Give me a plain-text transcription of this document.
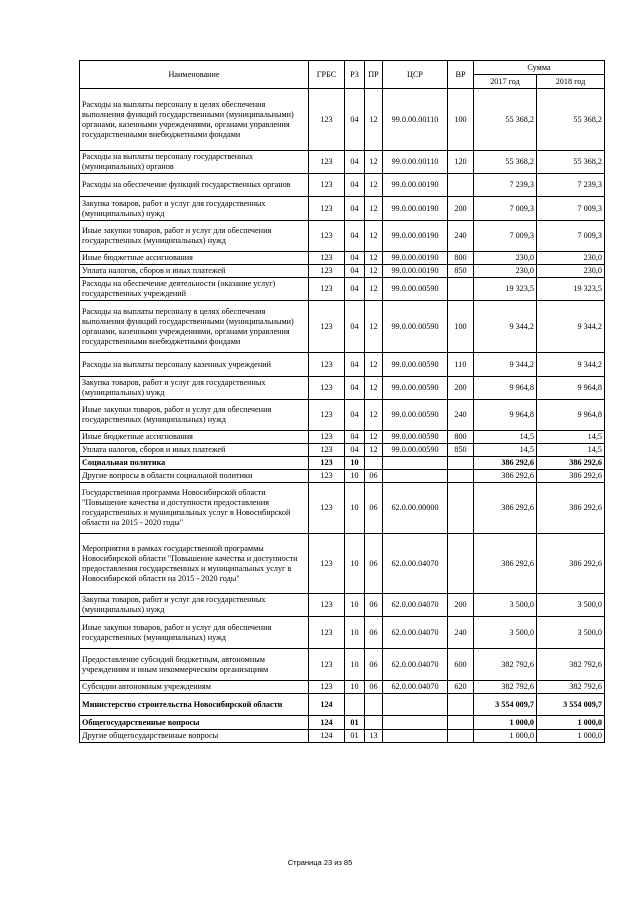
Наименование	ГРБС	РЗ	ПР	ЦСР	ВР	Сумма	
						2017 год	2018 год
Расходы на выплаты персоналу в целях обеспечения выполнения функций государственными (муниципальными) органами, казенными учреждениями, органами управления государственными внебюджетными фондами	123	04	12	99.0.00.00110	100	55 368,2	55 368,2
Расходы на выплаты персоналу государственных (муниципальных) органов	123	04	12	99.0.00.00110	120	55 368,2	55 368,2
Расходы на обеспечение функций государственных органов	123	04	12	99.0.00.00190		7 239,3	7 239,3
Закупка товаров, работ и услуг для государственных (муниципальных) нужд	123	04	12	99.0.00.00190	200	7 009,3	7 009,3
Иные закупки товаров, работ и услуг для обеспечения государственных (муниципальных) нужд	123	04	12	99.0.00.00190	240	7 009,3	7 009,3
Иные бюджетные ассигнования	123	04	12	99.0.00.00190	800	230,0	230,0
Уплата налогов, сборов и иных платежей	123	04	12	99.0.00.00190	850	230,0	230,0
Расходы на обеспечение деятельности (оказание услуг) государственных учреждений	123	04	12	99.0.00.00590		19 323,5	19 323,5
Расходы на выплаты персоналу в целях обеспечения выполнения функций государственными (муниципальными) органами, казенными учреждениями, органами управления государственными внебюджетными фондами	123	04	12	99.0.00.00590	100	9 344,2	9 344,2
Расходы на выплаты персоналу казенных учреждений	123	04	12	99.0.00.00590	110	9 344,2	9 344,2
Закупка товаров, работ и услуг для государственных (муниципальных) нужд	123	04	12	99.0.00.00590	200	9 964,8	9 964,8
Иные закупки товаров, работ и услуг для обеспечения государственных (муниципальных) нужд	123	04	12	99.0.00.00590	240	9 964,8	9 964,8
Иные бюджетные ассигнования	123	04	12	99.0.00.00590	800	14,5	14,5
Уплата налогов, сборов и иных платежей	123	04	12	99.0.00.00590	850	14,5	14,5
Социальная политика	123	10				386 292,6	386 292,6
Другие вопросы в области социальной политики	123	10	06			386 292,6	386 292,6
Государственная программа Новосибирской области "Повышение качества и доступности предоставления государственных и муниципальных услуг в Новосибирской области на 2015 - 2020 годы"	123	10	06	62.0.00.00000		386 292,6	386 292,6
Мероприятия в рамках государственной программы Новосибирской области "Повышение качества и доступности предоставления государственных и муниципальных услуг в Новосибирской области на 2015 - 2020 годы"	123	10	06	62.0.00.04070		386 292,6	386 292,6
Закупка товаров, работ и услуг для государственных (муниципальных) нужд	123	10	06	62.0.00.04070	200	3 500,0	3 500,0
Иные закупки товаров, работ и услуг для обеспечения государственных (муниципальных) нужд	123	10	06	62.0.00.04070	240	3 500,0	3 500,0
Предоставление субсидий бюджетным, автономным учреждениям и иным некоммерческим организациям	123	10	06	62.0.00.04070	600	382 792,6	382 792,6
Субсидии автономным учреждениям	123	10	06	62.0.00.04070	620	382 792,6	382 792,6
Министерство строительства Новосибирской области	124					3 554 009,7	3 554 009,7
Общегосударственные вопросы	124	01				1 000,0	1 000,0
Другие общегосударственные вопросы	124	01	13			1 000,0	1 000,0
Страница 23 из 85
